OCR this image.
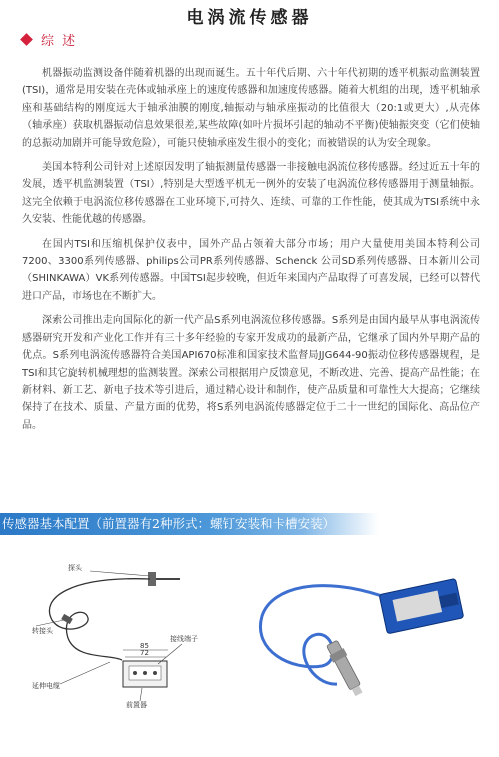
电涡流传感器
综 述

机器振动监测设备伴随着机器的出现而诞生。五十年代后期、六十年代初期的透平机振动监测装置(TSI)，通常是用安装在壳体或轴承座上的速度传感器和加速度传感器。随着大机组的出现，透平机轴承座和基础结构的刚度远大于轴承油膜的刚度,轴振动与轴承座振动的比值很大（20:1或更大）,从壳体（轴承座）获取机器振动信息效果很差,某些故障(如叶片损坏引起的轴动不平衡)使轴振突变（它们使轴的总振动加剧并可能导致危险），可能只使轴承座发生很小的变化；而被错误的认为安全现象。

美国本特利公司针对上述原因发明了轴振测量传感器一非接触电涡流位移传感器。经过近五十年的发展，透平机监测装置（TSI）,特别是大型透平机无一例外的安装了电涡流位移传感器用于测量轴振。这完全依赖于电涡流位移传感器在工业环境下,可持久、连续、可靠的工作性能，使其成为TSI系统中永久安装、性能优越的传感器。

在国内TSI和压缩机保护仪表中，国外产品占领着大部分市场；用户大量使用美国本特利公司7200、3300系列传感器、philips公司PR系列传感器、Schenck 公司SD系列传感器、日本新川公司（SHINKAWA）VK系列传感器。中国TSI起步较晚，但近年来国内产品取得了可喜发展，已经可以替代进口产品，市场也在不断扩大。

深索公司推出走向国际化的新一代产品S系列电涡流位移传感器。S系列是由国内最早从事电涡流传感器研究开发和产业化工作并有三十多年经验的专家开发成功的最新产品，它继承了国内外早期产品的优点。S系列电涡流传感器符合美国API670标准和国家技术监督局JJG644-90振动位移传感器规程，是TSI和其它旋转机械理想的监测装置。深索公司根据用户反馈意见，不断改进、完善、提高产品性能；在新材料、新工艺、新电子技术等引进后，通过精心设计和制作，使产品质量和可靠性大大提高；它继续保持了在技术、质量、产量方面的优势，将S系列电涡流传感器定位于二十一世纪的国际化、高品位产品。

传感器基本配置（前置器有2种形式：螺钉安装和卡槽安装）
探头
转接头
85
72
接线端子
延伸电缆
前置器
